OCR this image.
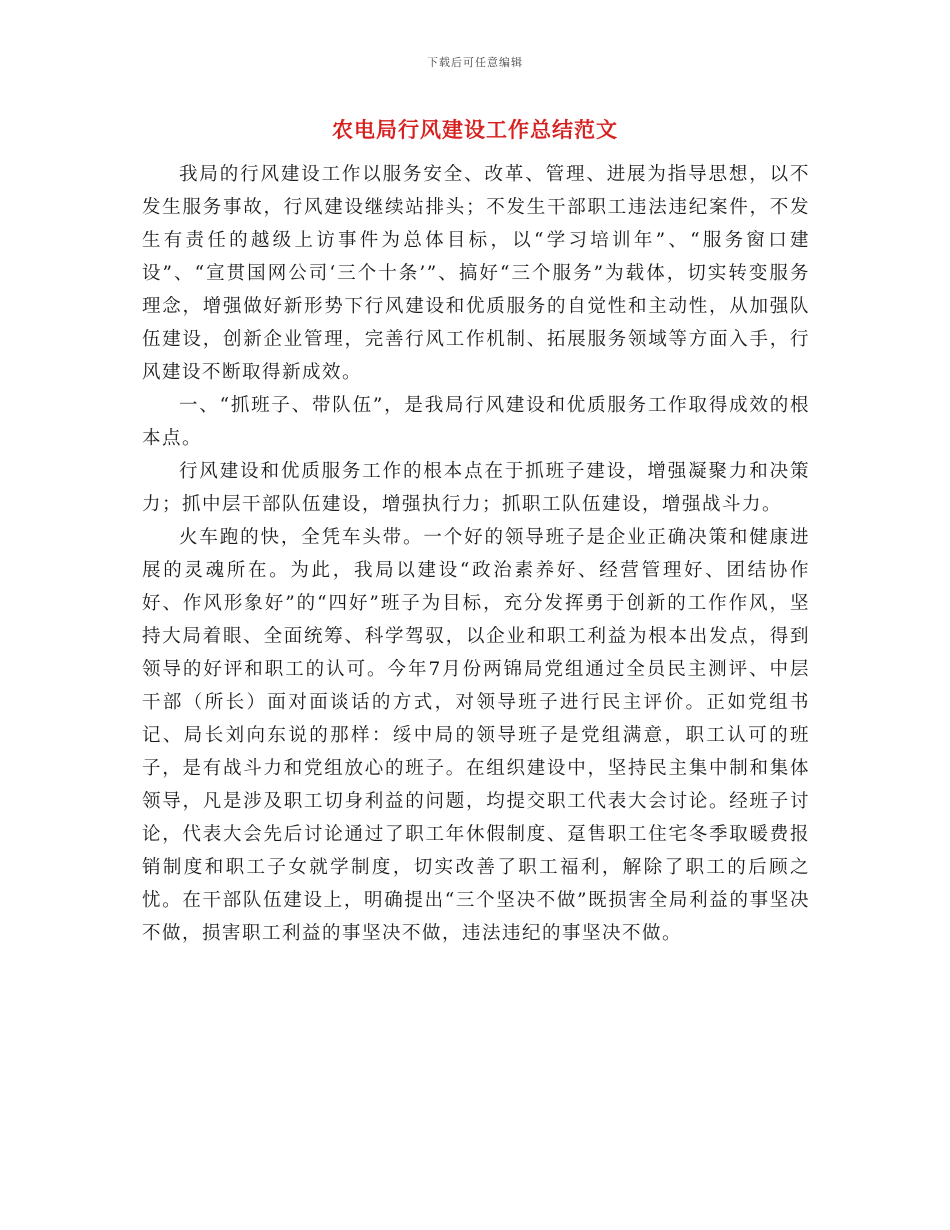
下载后可任意编辑
农电局行风建设工作总结范文

我局的行风建设工作以服务安全、改革、管理、进展为指导思想，以不发生服务事故，行风建设继续站排头；不发生干部职工违法违纪案件，不发生有责任的越级上访事件为总体目标，以“学习培训年”、“服务窗口建设”、“宣贯国网公司‘三个十条’”、搞好“三个服务”为载体，切实转变服务理念，增强做好新形势下行风建设和优质服务的自觉性和主动性，从加强队伍建设，创新企业管理，完善行风工作机制、拓展服务领域等方面入手，行风建设不断取得新成效。

一、“抓班子、带队伍”，是我局行风建设和优质服务工作取得成效的根本点。

行风建设和优质服务工作的根本点在于抓班子建设，增强凝聚力和决策力；抓中层干部队伍建设，增强执行力；抓职工队伍建设，增强战斗力。

火车跑的快，全凭车头带。一个好的领导班子是企业正确决策和健康进展的灵魂所在。为此，我局以建设“政治素养好、经营管理好、团结协作好、作风形象好”的“四好”班子为目标，充分发挥勇于创新的工作作风，坚持大局着眼、全面统筹、科学驾驭，以企业和职工利益为根本出发点，得到领导的好评和职工的认可。今年7月份两锦局党组通过全员民主测评、中层干部（所长）面对面谈话的方式，对领导班子进行民主评价。正如党组书记、局长刘向东说的那样：绥中局的领导班子是党组满意，职工认可的班子，是有战斗力和党组放心的班子。在组织建设中，坚持民主集中制和集体领导，凡是涉及职工切身利益的问题，均提交职工代表大会讨论。经班子讨论，代表大会先后讨论通过了职工年休假制度、趸售职工住宅冬季取暖费报销制度和职工子女就学制度，切实改善了职工福利，解除了职工的后顾之忧。在干部队伍建设上，明确提出“三个坚决不做”既损害全局利益的事坚决不做，损害职工利益的事坚决不做，违法违纪的事坚决不做。
